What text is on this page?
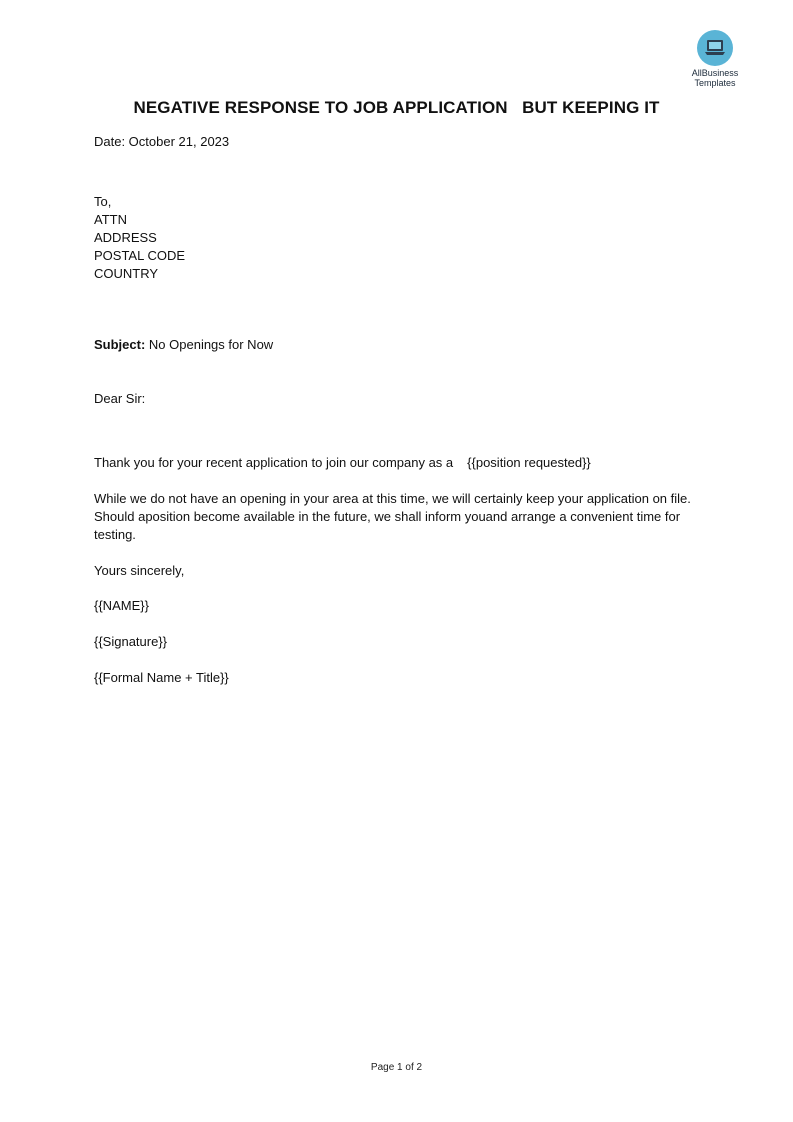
AllBusiness
Templates
NEGATIVE RESPONSE TO JOB APPLICATION   BUT KEEPING IT
Date: October 21, 2023
To,
ATTN
ADDRESS
POSTAL CODE
COUNTRY
Subject: No Openings for Now
Dear Sir:
Thank you for your recent application to join our company as a {{position requested}}
While we do not have an opening in your area at this time, we will certainly keep your application on file. Should aposition become available in the future, we shall inform youand arrange a convenient time for testing.
Yours sincerely,
{{NAME}}
{{Signature}}
{{Formal Name + Title}}
Page 1 of 2
